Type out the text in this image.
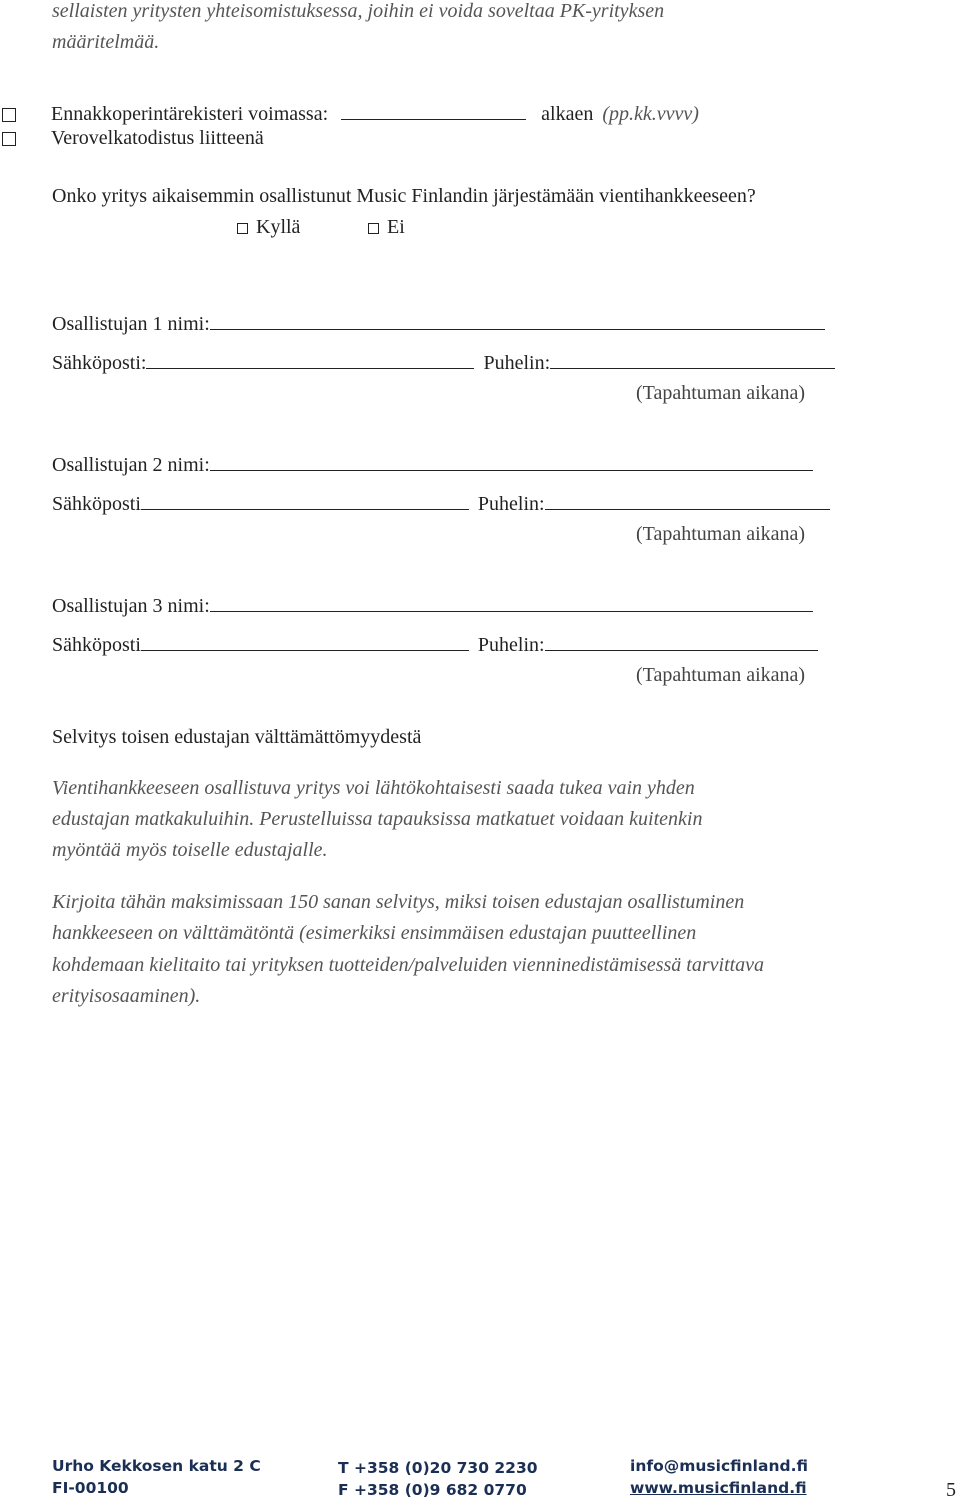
sellaisten yritysten yhteisomistuksessa, joihin ei voida soveltaa PK-yrityksen
määritelmää.
Ennakkoperintärekisteri voimassa:	alkaen (pp.kk.vvvv)
Verovelkatodistus liitteenä
Onko yritys aikaisemmin osallistunut Music Finlandin järjestämään vientihankkeeseen?
Kyllä	Ei
Osallistujan 1 nimi:
Sähköposti:	Puhelin:
(Tapahtuman aikana)
Osallistujan 2 nimi:
Sähköposti	Puhelin:
(Tapahtuman aikana)
Osallistujan 3 nimi:
Sähköposti	Puhelin:
(Tapahtuman aikana)
Selvitys toisen edustajan välttämättömyydestä
Vientihankkeeseen osallistuva yritys voi lähtökohtaisesti saada tukea vain yhden
edustajan matkakuluihin. Perustelluissa tapauksissa matkatuet voidaan kuitenkin
myöntää myös toiselle edustajalle.
Kirjoita tähän maksimissaan 150 sanan selvitys, miksi toisen edustajan osallistuminen
hankkeeseen on välttämätöntä (esimerkiksi ensimmäisen edustajan puutteellinen
kohdemaan kielitaito tai yrityksen tuotteiden/palveluiden vienninedistämisessä tarvittava
erityisosaaminen).
Urho Kekkosen katu 2 C
FI-00100
T +358 (0)20 730 2230
F +358 (0)9 682 0770
info@musicfinland.fi
www.musicfinland.fi	5
